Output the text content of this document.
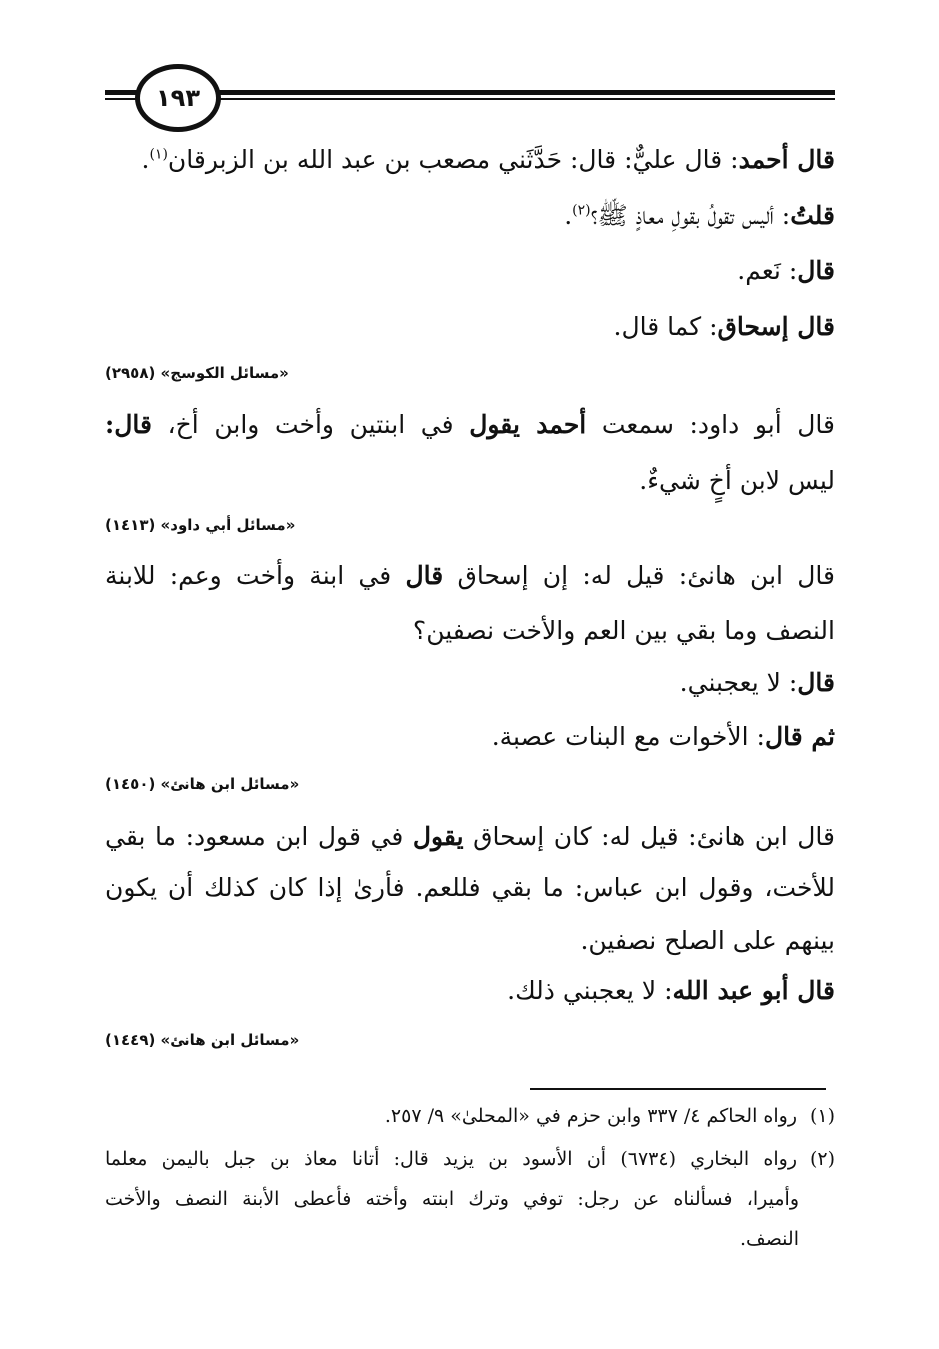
١٩٣
قال أحمد: قال عليٌّ: قال: حَدَّثَني مصعب بن عبد الله بن الزبرقان$^{(١)}$.
قلتُ: أليس تقولُ بقولِ معاذٍ ﷺ؟$^{(٢)}$.
قال: نَعم.
قال إسحاق: كما قال.
«مسائل الكوسج» (٢٩٥٨)
قال أبو داود: سمعت أحمد يقول في ابنتين وأخت وابن أخ، قال:
ليس لابن أخٍ شيءٌ.
«مسائل أبي داود» (١٤١٣)
قال ابن هانئ: قيل له: إن إسحاق قال في ابنة وأخت وعم: للابنة
النصف وما بقي بين العم والأخت نصفين؟
قال: لا يعجبني.
ثم قال: الأخوات مع البنات عصبة.
«مسائل ابن هانئ» (١٤٥٠)
قال ابن هانئ: قيل له: كان إسحاق يقول في قول ابن مسعود: ما بقي
للأخت، وقول ابن عباس: ما بقي فللعم. فأرىٰ إذا كان كذلك أن يكون
بينهم على الصلح نصفين.
قال أبو عبد الله: لا يعجبني ذلك.
«مسائل ابن هانئ» (١٤٤٩)
(١)رواه الحاكم ٤/ ٣٣٧ وابن حزم في «المحلىٰ» ٩/ ٢٥٧.
(٢)رواه البخاري (٦٧٣٤) أن الأسود بن يزيد قال: أتانا معاذ بن جبل باليمن معلما
وأميرا، فسألناه عن رجل: توفي وترك ابنته وأخته فأعطى الأبنة النصف والأخت
النصف.
